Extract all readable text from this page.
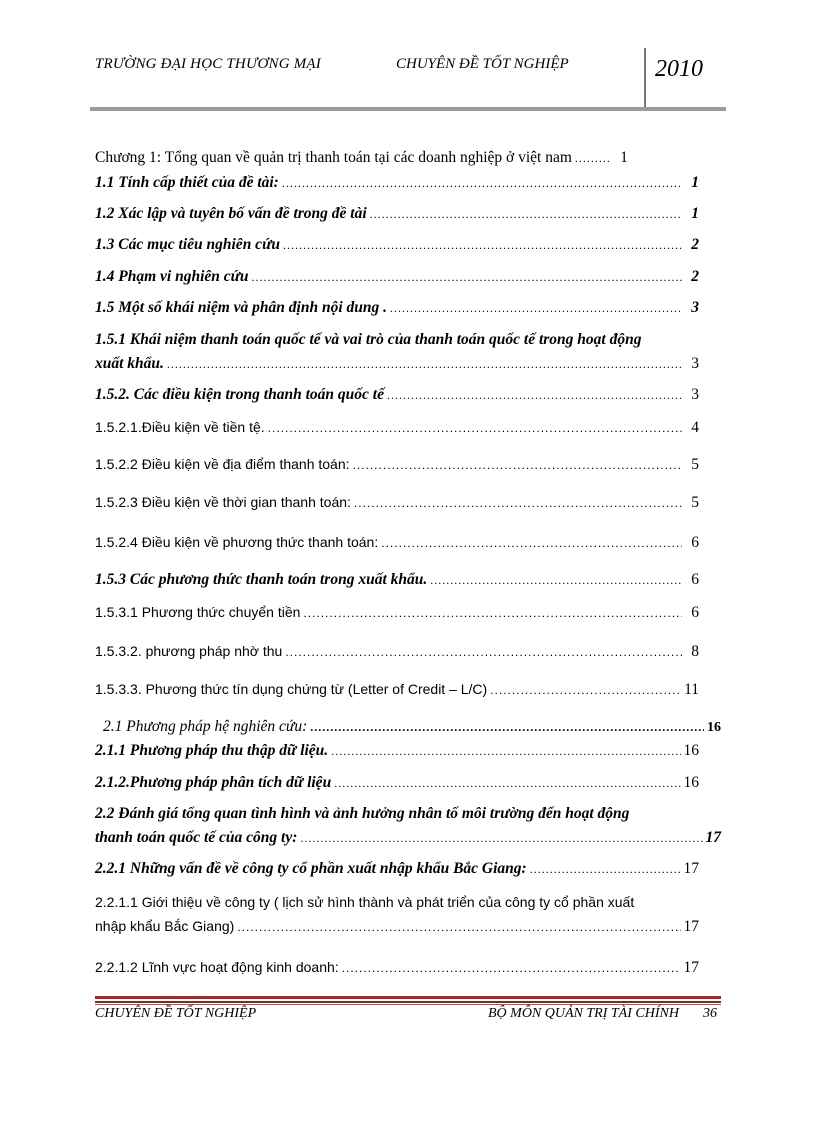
TRƯỜNG ĐẠI HỌC THƯƠNG MẠI	CHUYÊN ĐỀ TỐT NGHIỆP	2010
Chương 1: Tổng quan về quản trị thanh toán tại các doanh nghiệp ở việt nam .....	1
1.1 Tính cấp thiết của đề tài: .....	1
1.2 Xác lập và tuyên bố vấn đề trong đề tài .....	1
1.3 Các mục tiêu nghiên cứu .....	2
1.4 Phạm vi nghiên cứu .....	2
1.5 Một số khái niệm và phân định nội dung . .....	3
1.5.1 Khái niệm thanh toán quốc tế và vai trò của thanh toán quốc tế trong hoạt động
xuất khẩu. .....	3
1.5.2. Các điều kiện trong thanh toán quốc tế .....	3
1.5.2.1.Điều kiện về tiền tệ. .....	4
1.5.2.2 Điều kiện về địa điểm thanh toán: .....	5
1.5.2.3 Điều kiện về thời gian thanh toán: .....	5
1.5.2.4 Điều kiện về phương thức thanh toán: .....	6
1.5.3 Các phương thức thanh toán trong xuất khẩu. .....	6
1.5.3.1 Phương thức chuyển tiền .....	6
1.5.3.2. phương pháp nhờ thu .....	8
1.5.3.3. Phương thức tín dụng chứng từ (Letter of Credit – L/C) .....	11
2.1 Phương pháp hệ nghiên cứu: .....	16
2.1.1 Phương pháp thu thập dữ liệu. .....	16
2.1.2.Phương pháp phân tích dữ liệu .....	16
2.2 Đánh giá tổng quan tình hình và ảnh hưởng nhân tố môi trường đến hoạt động
thanh toán quốc tế của công ty: .....	17
2.2.1 Những vấn đề về công ty cổ phần xuất nhập khẩu Bắc Giang: .....	17
2.2.1.1 Giới thiệu về công ty ( lịch sử hình thành và phát triển của công ty cổ phần xuất
nhập khẩu Bắc Giang) .....	17
2.2.1.2 Lĩnh vực hoạt động kinh doanh: .....	17
CHUYÊN ĐỀ TỐT NGHIỆP	BỘ MÔN QUẢN TRỊ TÀI CHÍNH 36
